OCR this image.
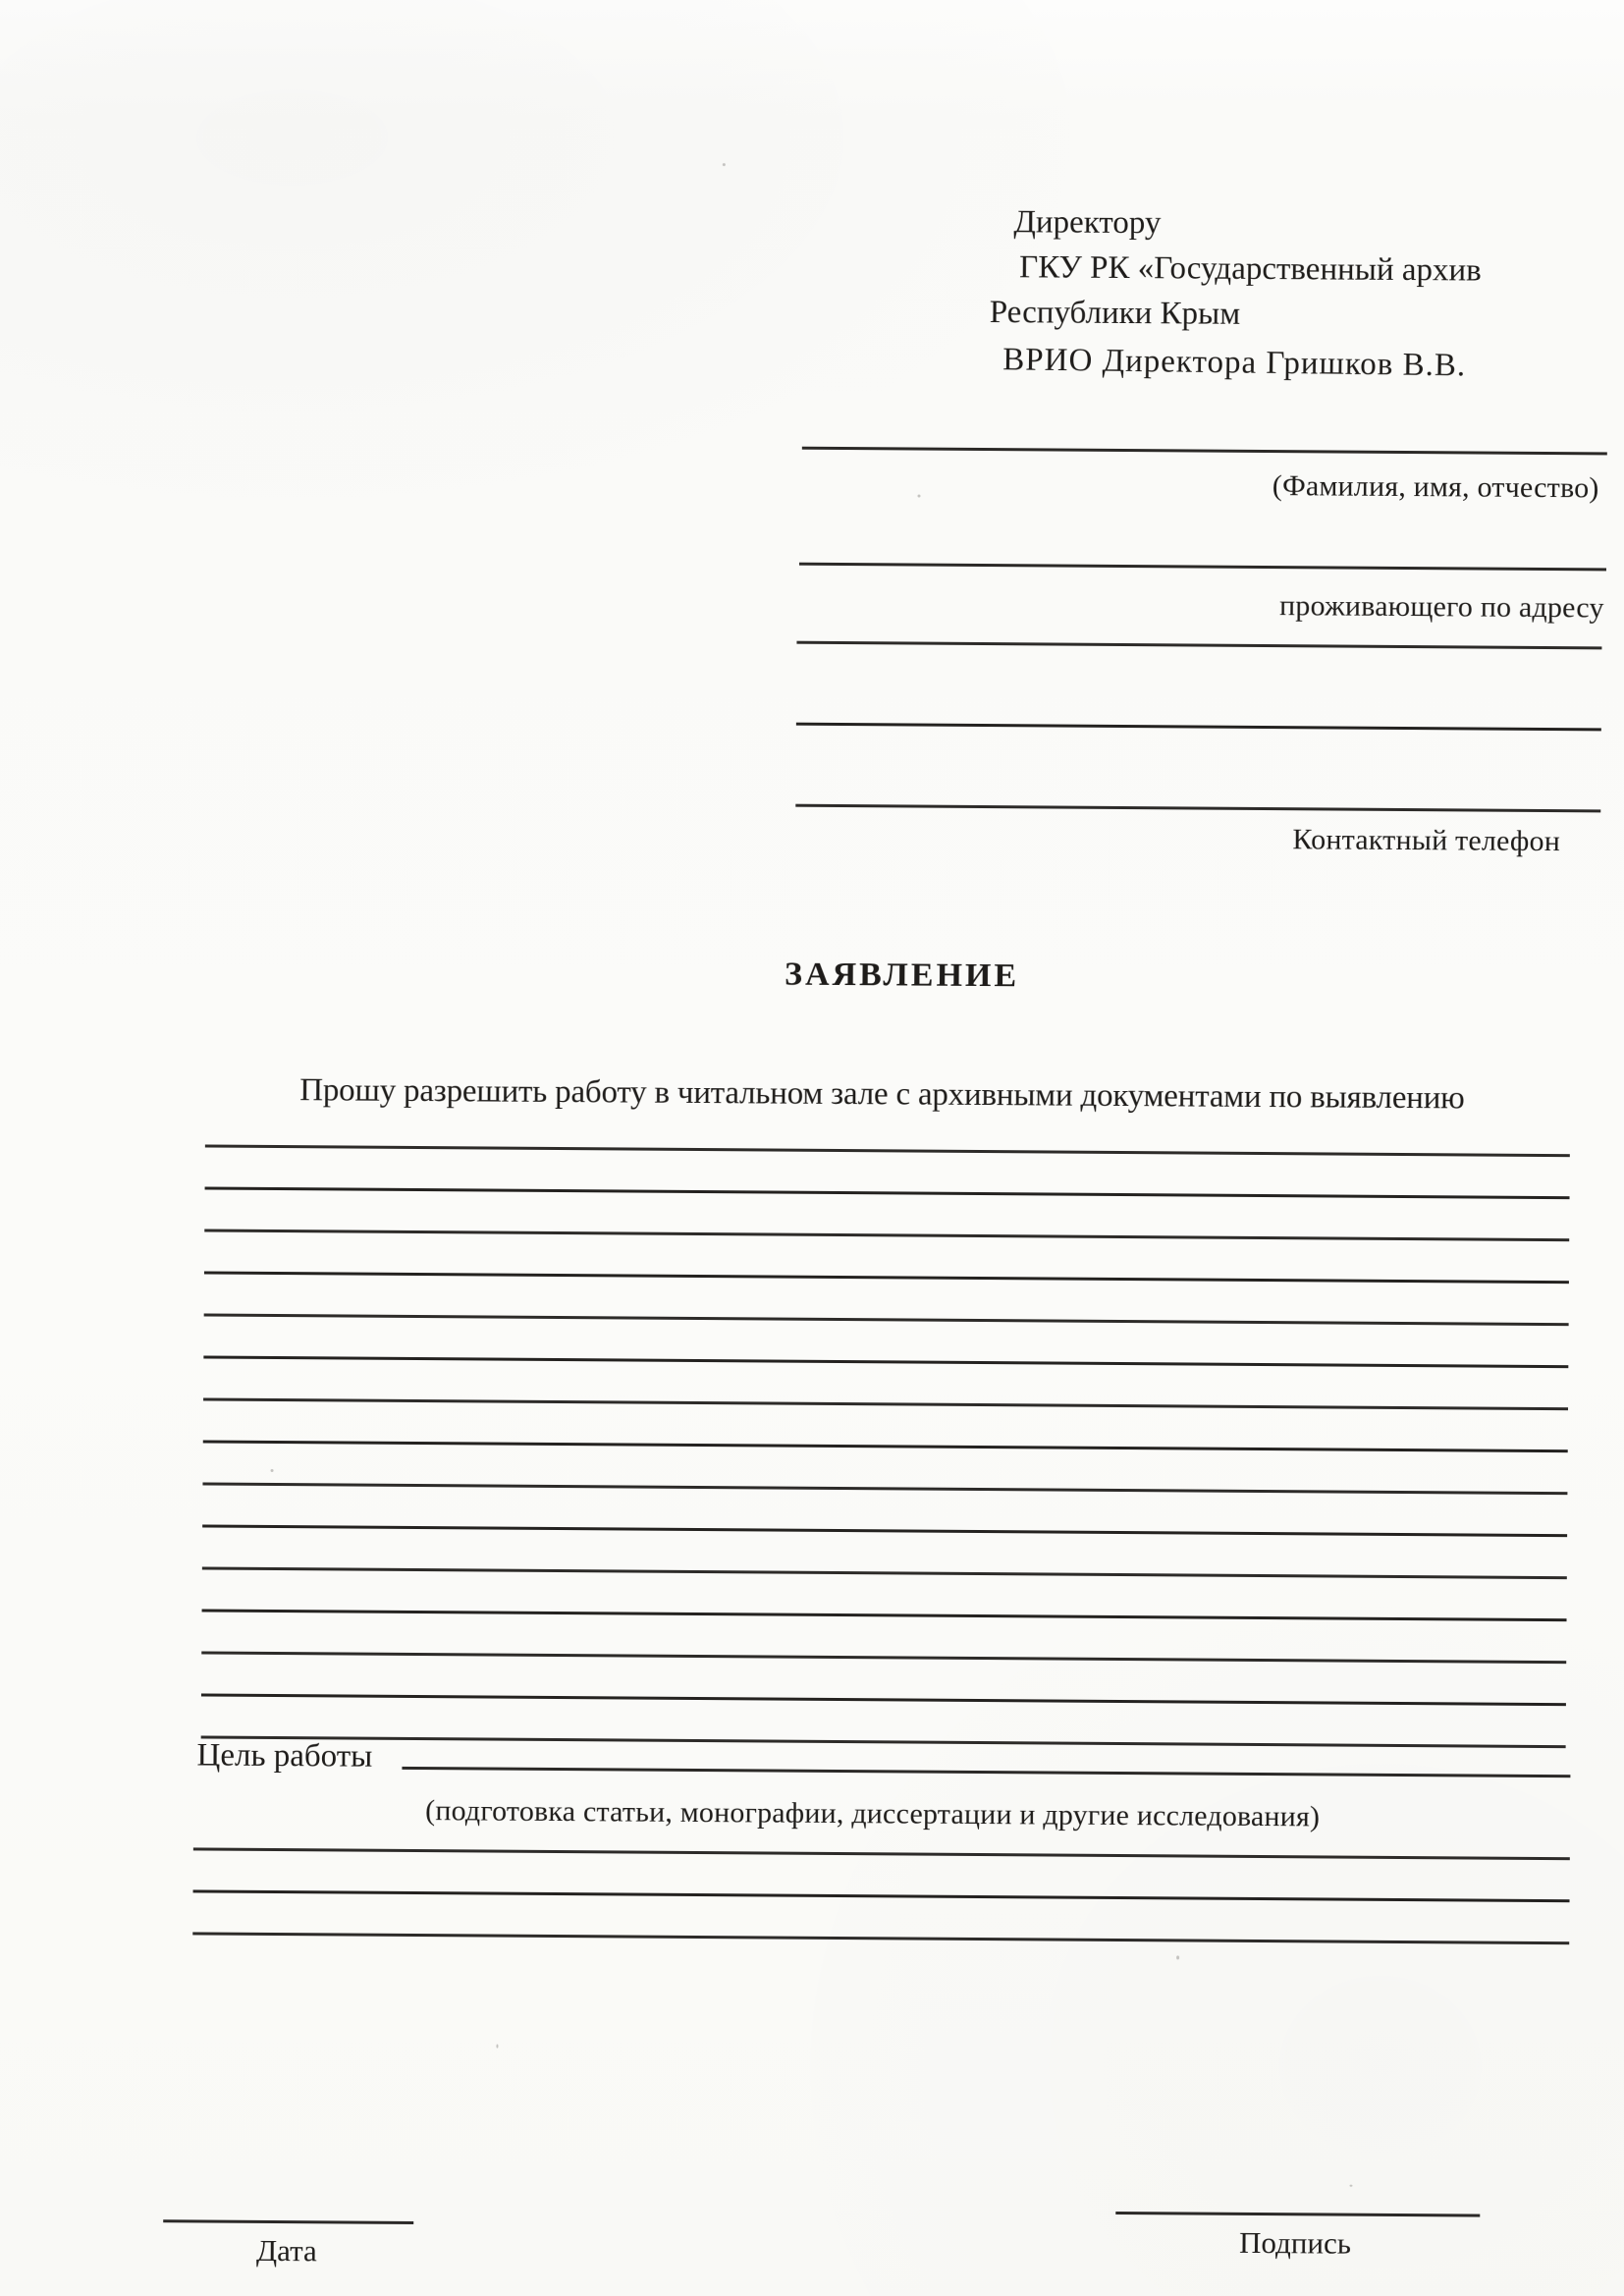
Директору
ГКУ РК «Государственный архив
Республики Крым
ВРИО Директора Гришков В.В.
(Фамилия, имя, отчество)
проживающего по адресу
Контактный телефон
ЗАЯВЛЕНИЕ
Прошу разрешить работу в читальном зале с архивными документами по выявлению
Цель работы
(подготовка статьи, монографии, диссертации и другие исследования)
Дата	Подпись
